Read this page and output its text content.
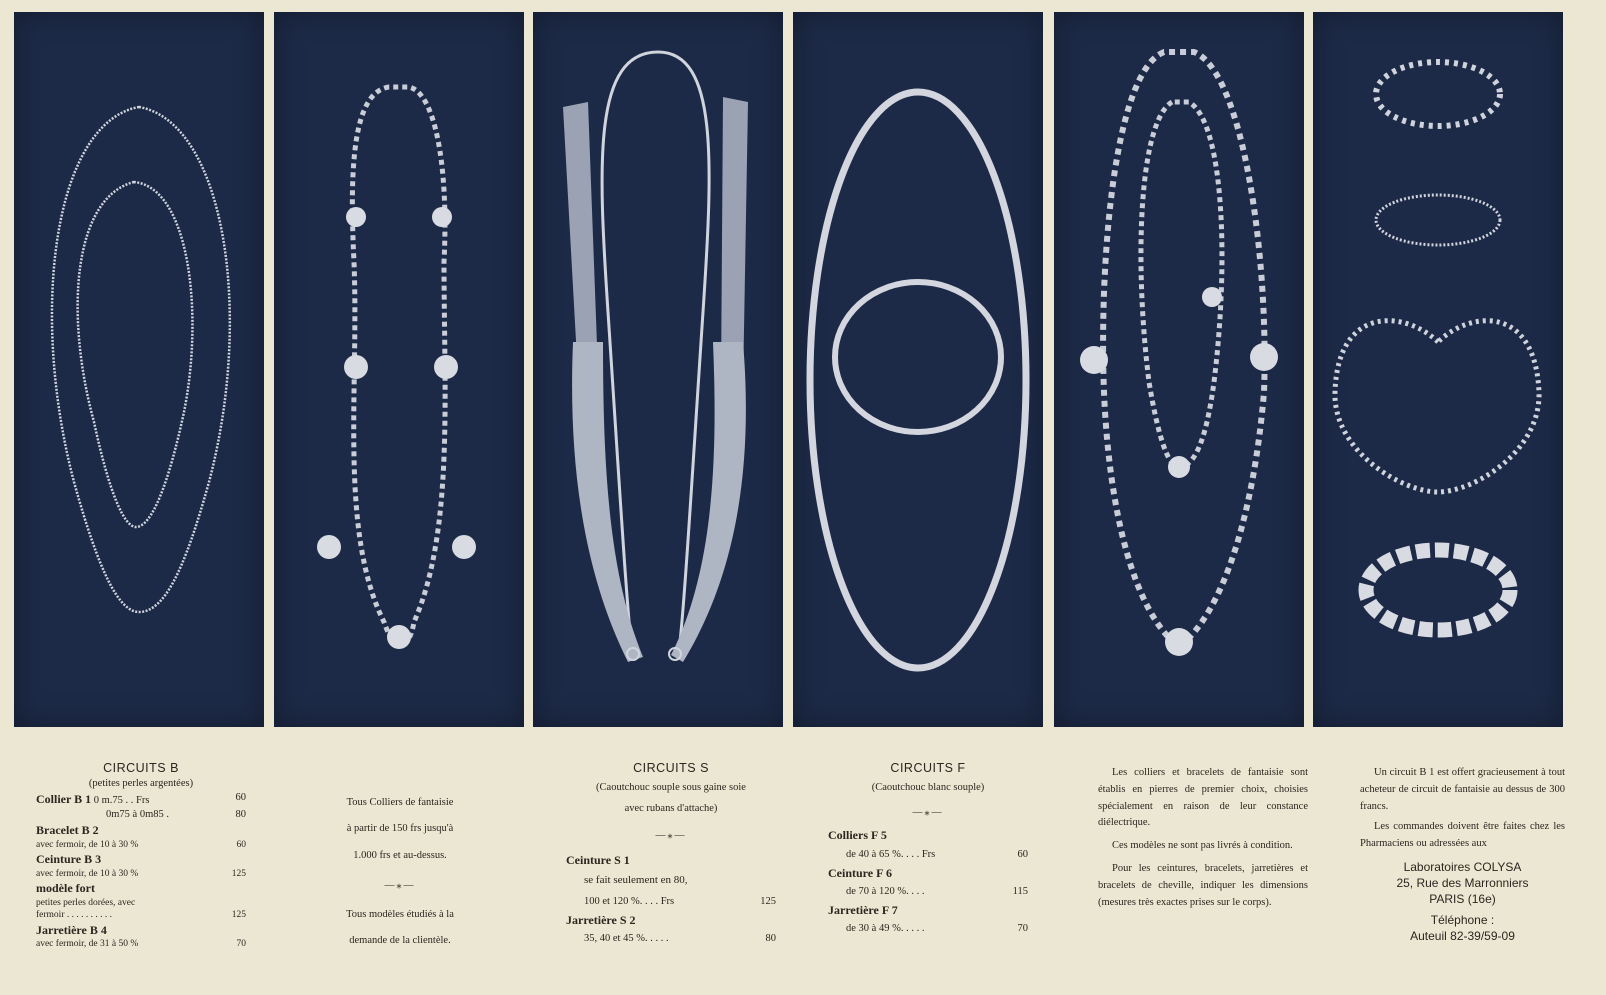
CIRCUITS B
(petites perles argentées)
Collier B 1 0 m.75 . . Frs	60
0m75 à 0m85 .	80
Bracelet B 2
avec fermoir, de 10 à 30 %	60
Ceinture B 3
avec fermoir, de 10 à 30 %	125
modèle fort
petites perles dorées, avec
fermoir . . . . . . . . . .	125
Jarretière B 4
avec fermoir, de 31 à 50 %	70
Tous Colliers de fantaisie
à partir de 150 frs jusqu'à
1.000 frs et au-dessus.
—⁎—
Tous modèles étudiés à la
demande de la clientèle.
CIRCUITS S
(Caoutchouc souple sous gaine soie
avec rubans d'attache)
—⁎—
Ceinture S 1
se fait seulement en 80,
100 et 120 %. . . . Frs	125
Jarretière S 2
35, 40 et 45 %. . . . .	80
CIRCUITS F
(Caoutchouc blanc souple)
—⁎—
Colliers F 5
de 40 à 65 %. . . . Frs	60
Ceinture F 6
de 70 à 120 %. . . .	115
Jarretière F 7
de 30 à 49 %. . . . .	70

Les colliers et bracelets de fantaisie sont établis en pierres de premier choix, choisies spécialement en raison de leur constance diélectrique.

Ces modèles ne sont pas livrés à condition.

Pour les ceintures, bracelets, jarretières et bracelets de cheville, indiquer les dimensions (mesures très exactes prises sur le corps).

Un circuit B 1 est offert gracieusement à tout acheteur de circuit de fantaisie au dessus de 300 francs.

Les commandes doivent être faites chez les Pharmaciens ou adressées aux

Laboratoires COLYSA
25, Rue des Marronniers
PARIS (16e)
Téléphone :
Auteuil 82-39/59-09
